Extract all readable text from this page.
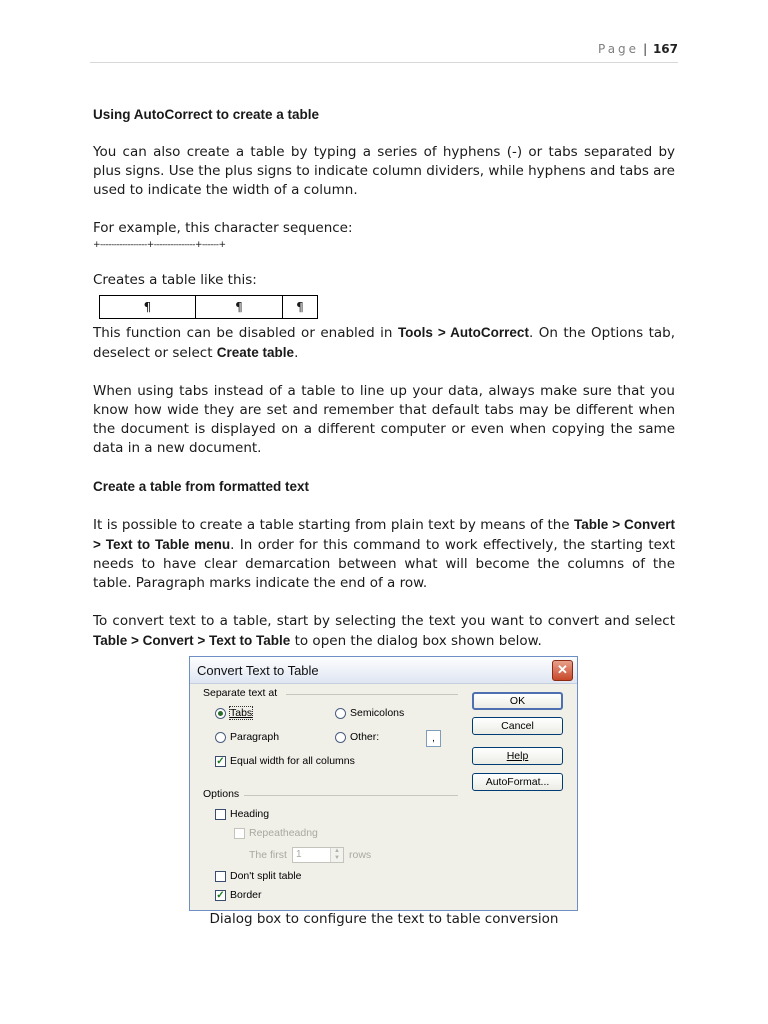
Page | 167

Using AutoCorrect to create a table

You can also create a table by typing a series of hyphens (-) or tabs separated by plus signs. Use the plus signs to indicate column dividers, while hyphens and tabs are used to indicate the width of a column.

For example, this character sequence:

+-----------------+---------------+------+

Creates a table like this:

¶	¶	¶

This function can be disabled or enabled in Tools > AutoCorrect. On the Options tab, deselect or select Create table.

When using tabs instead of a table to line up your data, always make sure that you know how wide they are set and remember that default tabs may be different when the document is displayed on a different computer or even when copying the same data in a new document.

Create a table from formatted text

It is possible to create a table starting from plain text by means of the Table > Convert > Text to Table menu. In order for this command to work effectively, the starting text needs to have clear demarcation between what will become the columns of the table. Paragraph marks indicate the end of a row.

To convert text to a table, start by selecting the text you want to convert and select Table > Convert > Text to Table to open the dialog box shown below.

Convert Text to Table	✕
Separate text at
Tabs	Semicolons
Paragraph	Other:	,
✓ Equal width for all columns
Options
Heading
Repeatheadng
The first 1	▲
▼ rows
Don't split table
✓ Border
OK
Cancel
Help
AutoFormat...
Dialog box to configure the text to table conversion
